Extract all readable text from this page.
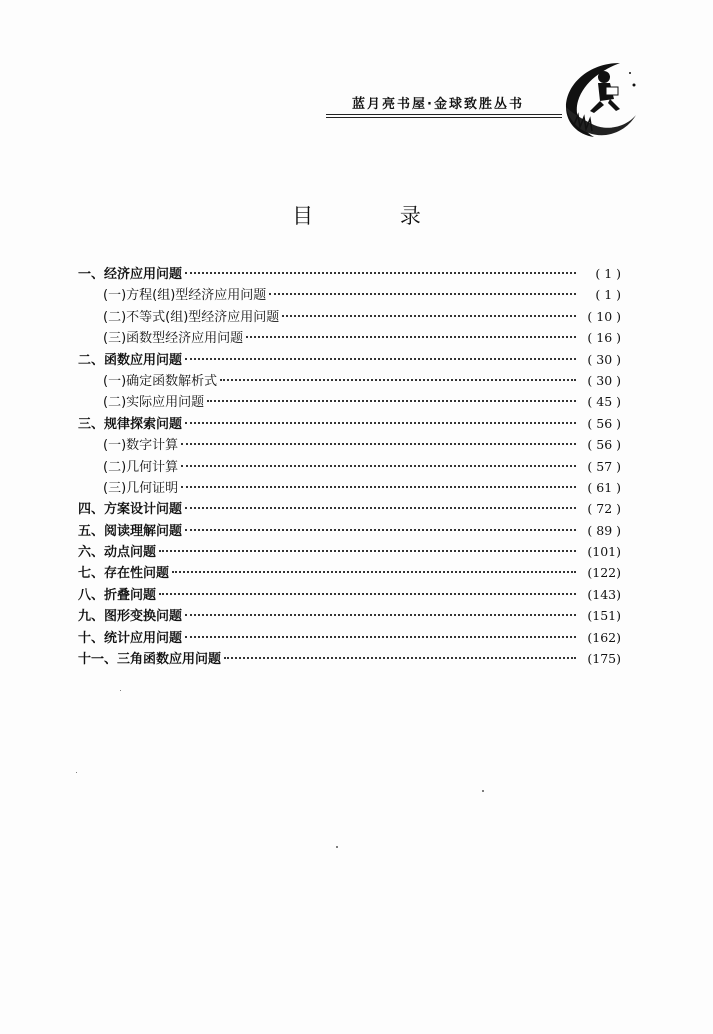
蓝月亮书屋·金球致胜丛书
目 录
一、经济应用问题	( 1 )
(一)方程(组)型经济应用问题	( 1 )
(二)不等式(组)型经济应用问题	( 10 )
(三)函数型经济应用问题	( 16 )
二、函数应用问题	( 30 )
(一)确定函数解析式	( 30 )
(二)实际应用问题	( 45 )
三、规律探索问题	( 56 )
(一)数字计算	( 56 )
(二)几何计算	( 57 )
(三)几何证明	( 61 )
四、方案设计问题	( 72 )
五、阅读理解问题	( 89 )
六、动点问题	(101)
七、存在性问题	(122)
八、折叠问题	(143)
九、图形变换问题	(151)
十、统计应用问题	(162)
十一、三角函数应用问题	(175)
